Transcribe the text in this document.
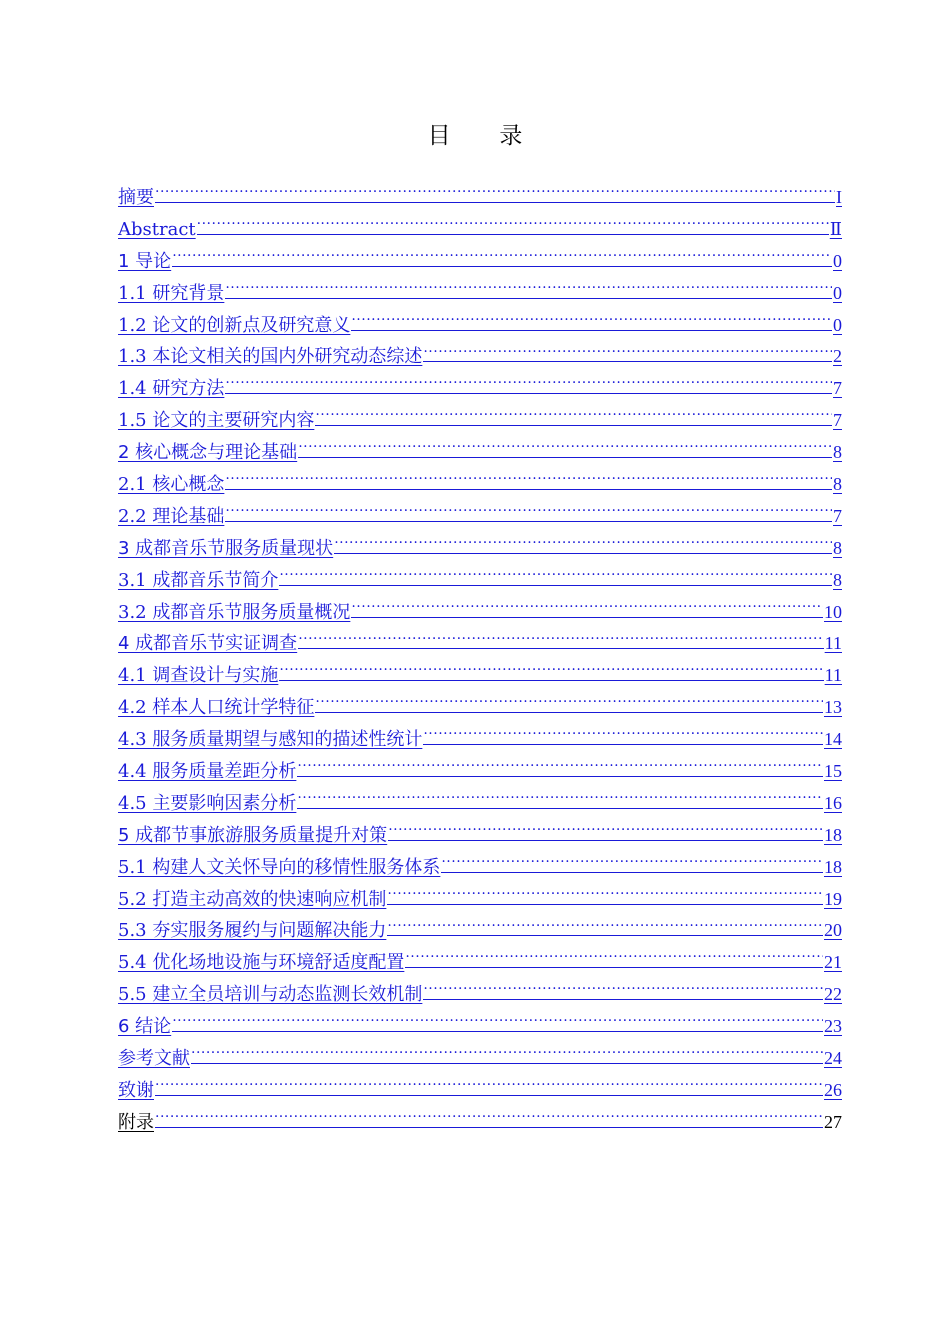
目 录
摘要 .....	I
Abstract .....	Ⅱ
1 导论 .....	0
1.1 研究背景 .....	0
1.2 论文的创新点及研究意义 .....	0
1.3 本论文相关的国内外研究动态综述 .....	2
1.4 研究方法 .....	7
1.5 论文的主要研究内容 .....	7
2 核心概念与理论基础 .....	8
2.1 核心概念 .....	8
2.2 理论基础 .....	7
3 成都音乐节服务质量现状 .....	8
3.1 成都音乐节简介 .....	8
3.2 成都音乐节服务质量概况 .....	10
4 成都音乐节实证调查 .....	11
4.1 调查设计与实施 .....	11
4.2 样本人口统计学特征 .....	13
4.3 服务质量期望与感知的描述性统计 .....	14
4.4 服务质量差距分析 .....	15
4.5 主要影响因素分析 .....	16
5 成都节事旅游服务质量提升对策 .....	18
5.1 构建人文关怀导向的移情性服务体系 .....	18
5.2 打造主动高效的快速响应机制 .....	19
5.3 夯实服务履约与问题解决能力 .....	20
5.4 优化场地设施与环境舒适度配置 .....	21
5.5 建立全员培训与动态监测长效机制 .....	22
6 结论 .....	23
参考文献 .....	24
致谢 .....	26
附录 .....	27
